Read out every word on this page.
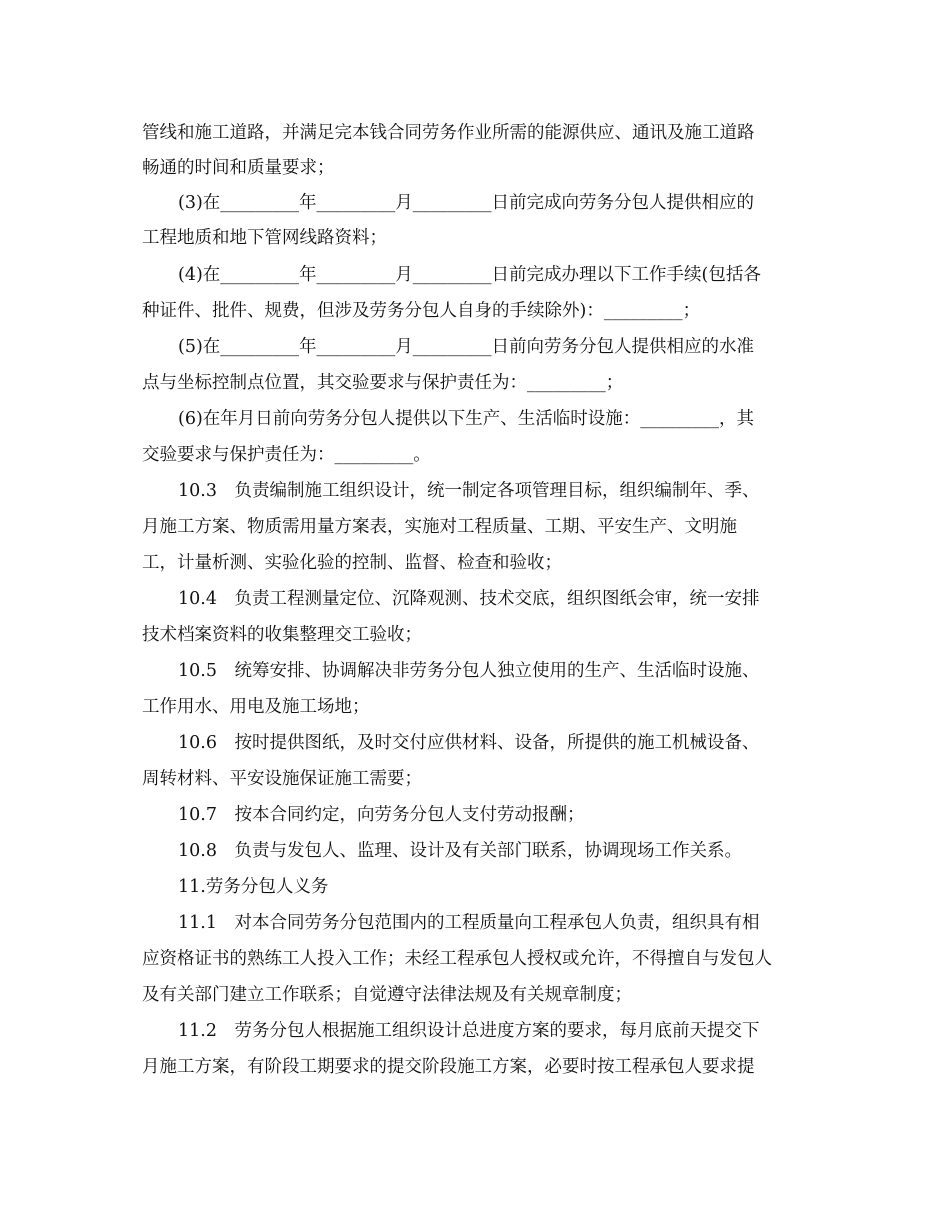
管线和施工道路，并满足完本钱合同劳务作业所需的能源供应、通讯及施工道路
畅通的时间和质量要求；
(3)在_________年_________月_________日前完成向劳务分包人提供相应的
工程地质和地下管网线路资料；
(4)在_________年_________月_________日前完成办理以下工作手续(包括各
种证件、批件、规费，但涉及劳务分包人自身的手续除外)：_________；
(5)在_________年_________月_________日前向劳务分包人提供相应的水准
点与坐标控制点位置，其交验要求与保护责任为：_________；
(6)在年月日前向劳务分包人提供以下生产、生活临时设施：_________，其
交验要求与保护责任为：_________。
10.3　负责编制施工组织设计，统一制定各项管理目标，组织编制年、季、
月施工方案、物质需用量方案表，实施对工程质量、工期、平安生产、文明施
工，计量析测、实验化验的控制、监督、检查和验收；
10.4　负责工程测量定位、沉降观测、技术交底，组织图纸会审，统一安排
技术档案资料的收集整理交工验收；
10.5　统筹安排、协调解决非劳务分包人独立使用的生产、生活临时设施、
工作用水、用电及施工场地；
10.6　按时提供图纸，及时交付应供材料、设备，所提供的施工机械设备、
周转材料、平安设施保证施工需要；
10.7　按本合同约定，向劳务分包人支付劳动报酬；
10.8　负责与发包人、监理、设计及有关部门联系，协调现场工作关系。
11.劳务分包人义务
11.1　对本合同劳务分包范围内的工程质量向工程承包人负责，组织具有相
应资格证书的熟练工人投入工作；未经工程承包人授权或允许，不得擅自与发包人
及有关部门建立工作联系；自觉遵守法律法规及有关规章制度；
11.2　劳务分包人根据施工组织设计总进度方案的要求，每月底前天提交下
月施工方案，有阶段工期要求的提交阶段施工方案，必要时按工程承包人要求提
